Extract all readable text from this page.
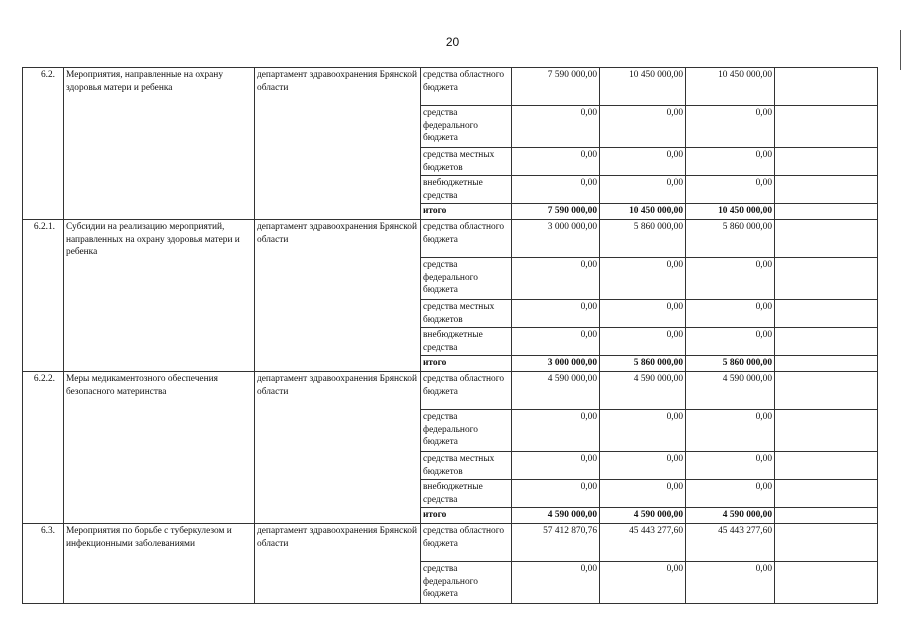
20
6.2.	Мероприятия, направленные на охрану здоровья матери и ребенка	департамент здравоохранения Брянской области	средства областного бюджета	7 590 000,00	10 450 000,00	10 450 000,00	
			средства федерального бюджета	0,00	0,00	0,00	
			средства местных бюджетов	0,00	0,00	0,00	
			внебюджетные средства	0,00	0,00	0,00	
			итого	7 590 000,00	10 450 000,00	10 450 000,00	
6.2.1.	Субсидии на реализацию мероприятий, направленных на охрану здоровья матери и ребенка	департамент здравоохранения Брянской области	средства областного бюджета	3 000 000,00	5 860 000,00	5 860 000,00	
			средства федерального бюджета	0,00	0,00	0,00	
			средства местных бюджетов	0,00	0,00	0,00	
			внебюджетные средства	0,00	0,00	0,00	
			итого	3 000 000,00	5 860 000,00	5 860 000,00	
6.2.2.	Меры медикаментозного обеспечения безопасного материнства	департамент здравоохранения Брянской области	средства областного бюджета	4 590 000,00	4 590 000,00	4 590 000,00	
			средства федерального бюджета	0,00	0,00	0,00	
			средства местных бюджетов	0,00	0,00	0,00	
			внебюджетные средства	0,00	0,00	0,00	
			итого	4 590 000,00	4 590 000,00	4 590 000,00	
6.3.	Мероприятия по борьбе с туберкулезом и инфекционными заболеваниями	департамент здравоохранения Брянской области	средства областного бюджета	57 412 870,76	45 443 277,60	45 443 277,60	
			средства федерального бюджета	0,00	0,00	0,00	
